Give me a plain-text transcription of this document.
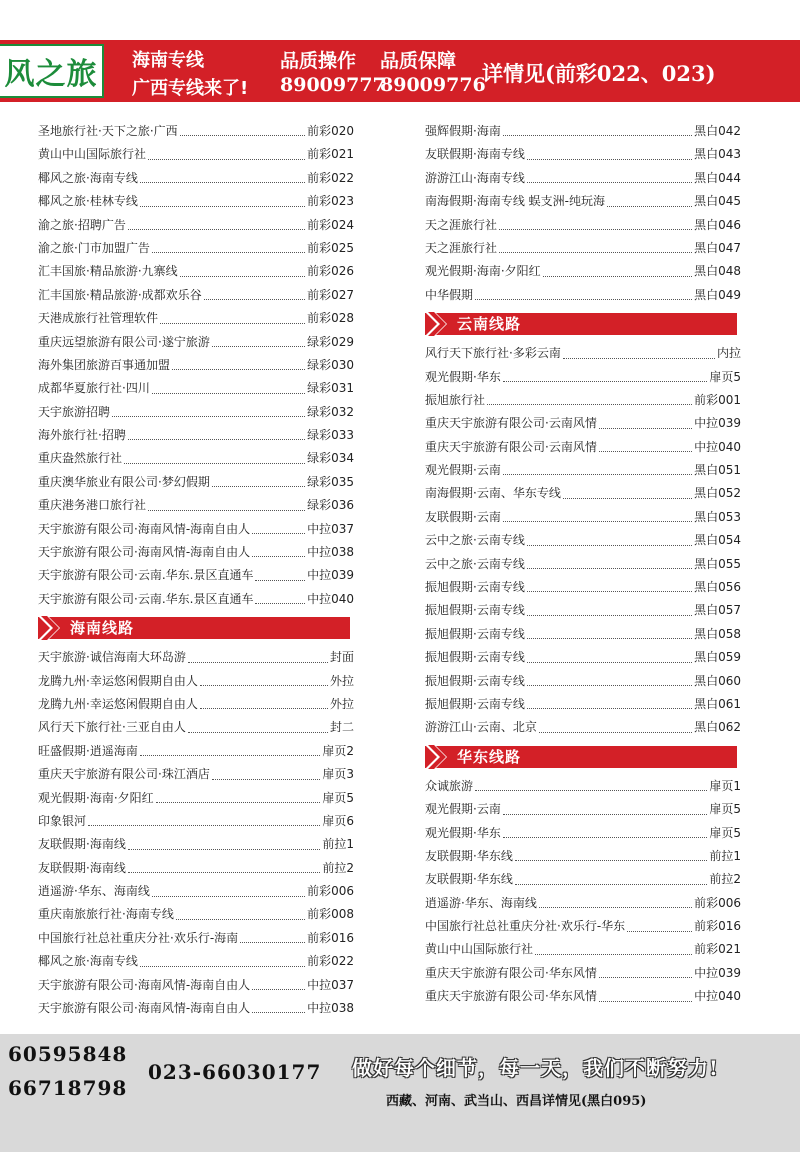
风之旅 海南专线
广西专线来了!
品质操作 品质保障
89009777
89009776
详情见(前彩022、023)
圣地旅行社·天下之旅·广西	前彩020
黄山中山国际旅行社	前彩021
椰风之旅·海南专线	前彩022
椰风之旅·桂林专线	前彩023
渝之旅·招聘广告	前彩024
渝之旅·门市加盟广告	前彩025
汇丰国旅·精品旅游·九寨线	前彩026
汇丰国旅·精品旅游·成都欢乐谷	前彩027
天港成旅行社管理软件	前彩028
重庆远望旅游有限公司·遂宁旅游	绿彩029
海外集团旅游百事通加盟	绿彩030
成都华夏旅行社·四川	绿彩031
天宇旅游招聘	绿彩032
海外旅行社·招聘	绿彩033
重庆盎然旅行社	绿彩034
重庆澳华旅业有限公司·梦幻假期	绿彩035
重庆港务港口旅行社	绿彩036
天宇旅游有限公司·海南风情-海南自由人	中拉037
天宇旅游有限公司·海南风情-海南自由人	中拉038
天宇旅游有限公司·云南.华东.景区直通车	中拉039
天宇旅游有限公司·云南.华东.景区直通车	中拉040
海南线路
天宇旅游·诚信海南大环岛游	封面
龙腾九州·幸运悠闲假期自由人	外拉
龙腾九州·幸运悠闲假期自由人	外拉
风行天下旅行社·三亚自由人	封二
旺盛假期·逍遥海南	扉页2
重庆天宇旅游有限公司·珠江酒店	扉页3
观光假期·海南·夕阳红	扉页5
印象银河	扉页6
友联假期·海南线	前拉1
友联假期·海南线	前拉2
逍遥游·华东、海南线	前彩006
重庆南旅旅行社·海南专线	前彩008
中国旅行社总社重庆分社·欢乐行-海南	前彩016
椰风之旅·海南专线	前彩022
天宇旅游有限公司·海南风情-海南自由人	中拉037
天宇旅游有限公司·海南风情-海南自由人	中拉038
强辉假期·海南	黑白042
友联假期·海南专线	黑白043
游游江山·海南专线	黑白044
南海假期·海南专线 蜈支洲-纯玩海	黑白045
天之涯旅行社	黑白046
天之涯旅行社	黑白047
观光假期·海南·夕阳红	黑白048
中华假期	黑白049
云南线路
风行天下旅行社·多彩云南	内拉
观光假期·华东	扉页5
振旭旅行社	前彩001
重庆天宇旅游有限公司·云南风情	中拉039
重庆天宇旅游有限公司·云南风情	中拉040
观光假期·云南	黑白051
南海假期·云南、华东专线	黑白052
友联假期·云南	黑白053
云中之旅·云南专线	黑白054
云中之旅·云南专线	黑白055
振旭假期·云南专线	黑白056
振旭假期·云南专线	黑白057
振旭假期·云南专线	黑白058
振旭假期·云南专线	黑白059
振旭假期·云南专线	黑白060
振旭假期·云南专线	黑白061
游游江山·云南、北京	黑白062
华东线路
众诚旅游	扉页1
观光假期·云南	扉页5
观光假期·华东	扉页5
友联假期·华东线	前拉1
友联假期·华东线	前拉2
逍遥游·华东、海南线	前彩006
中国旅行社总社重庆分社·欢乐行-华东	前彩016
黄山中山国际旅行社	前彩021
重庆天宇旅游有限公司·华东风情	中拉039
重庆天宇旅游有限公司·华东风情	中拉040
60595848
66718798
023-66030177 做好每个细节，每一天，我们不断努力!
西藏、河南、武当山、西昌详情见(黑白095)
